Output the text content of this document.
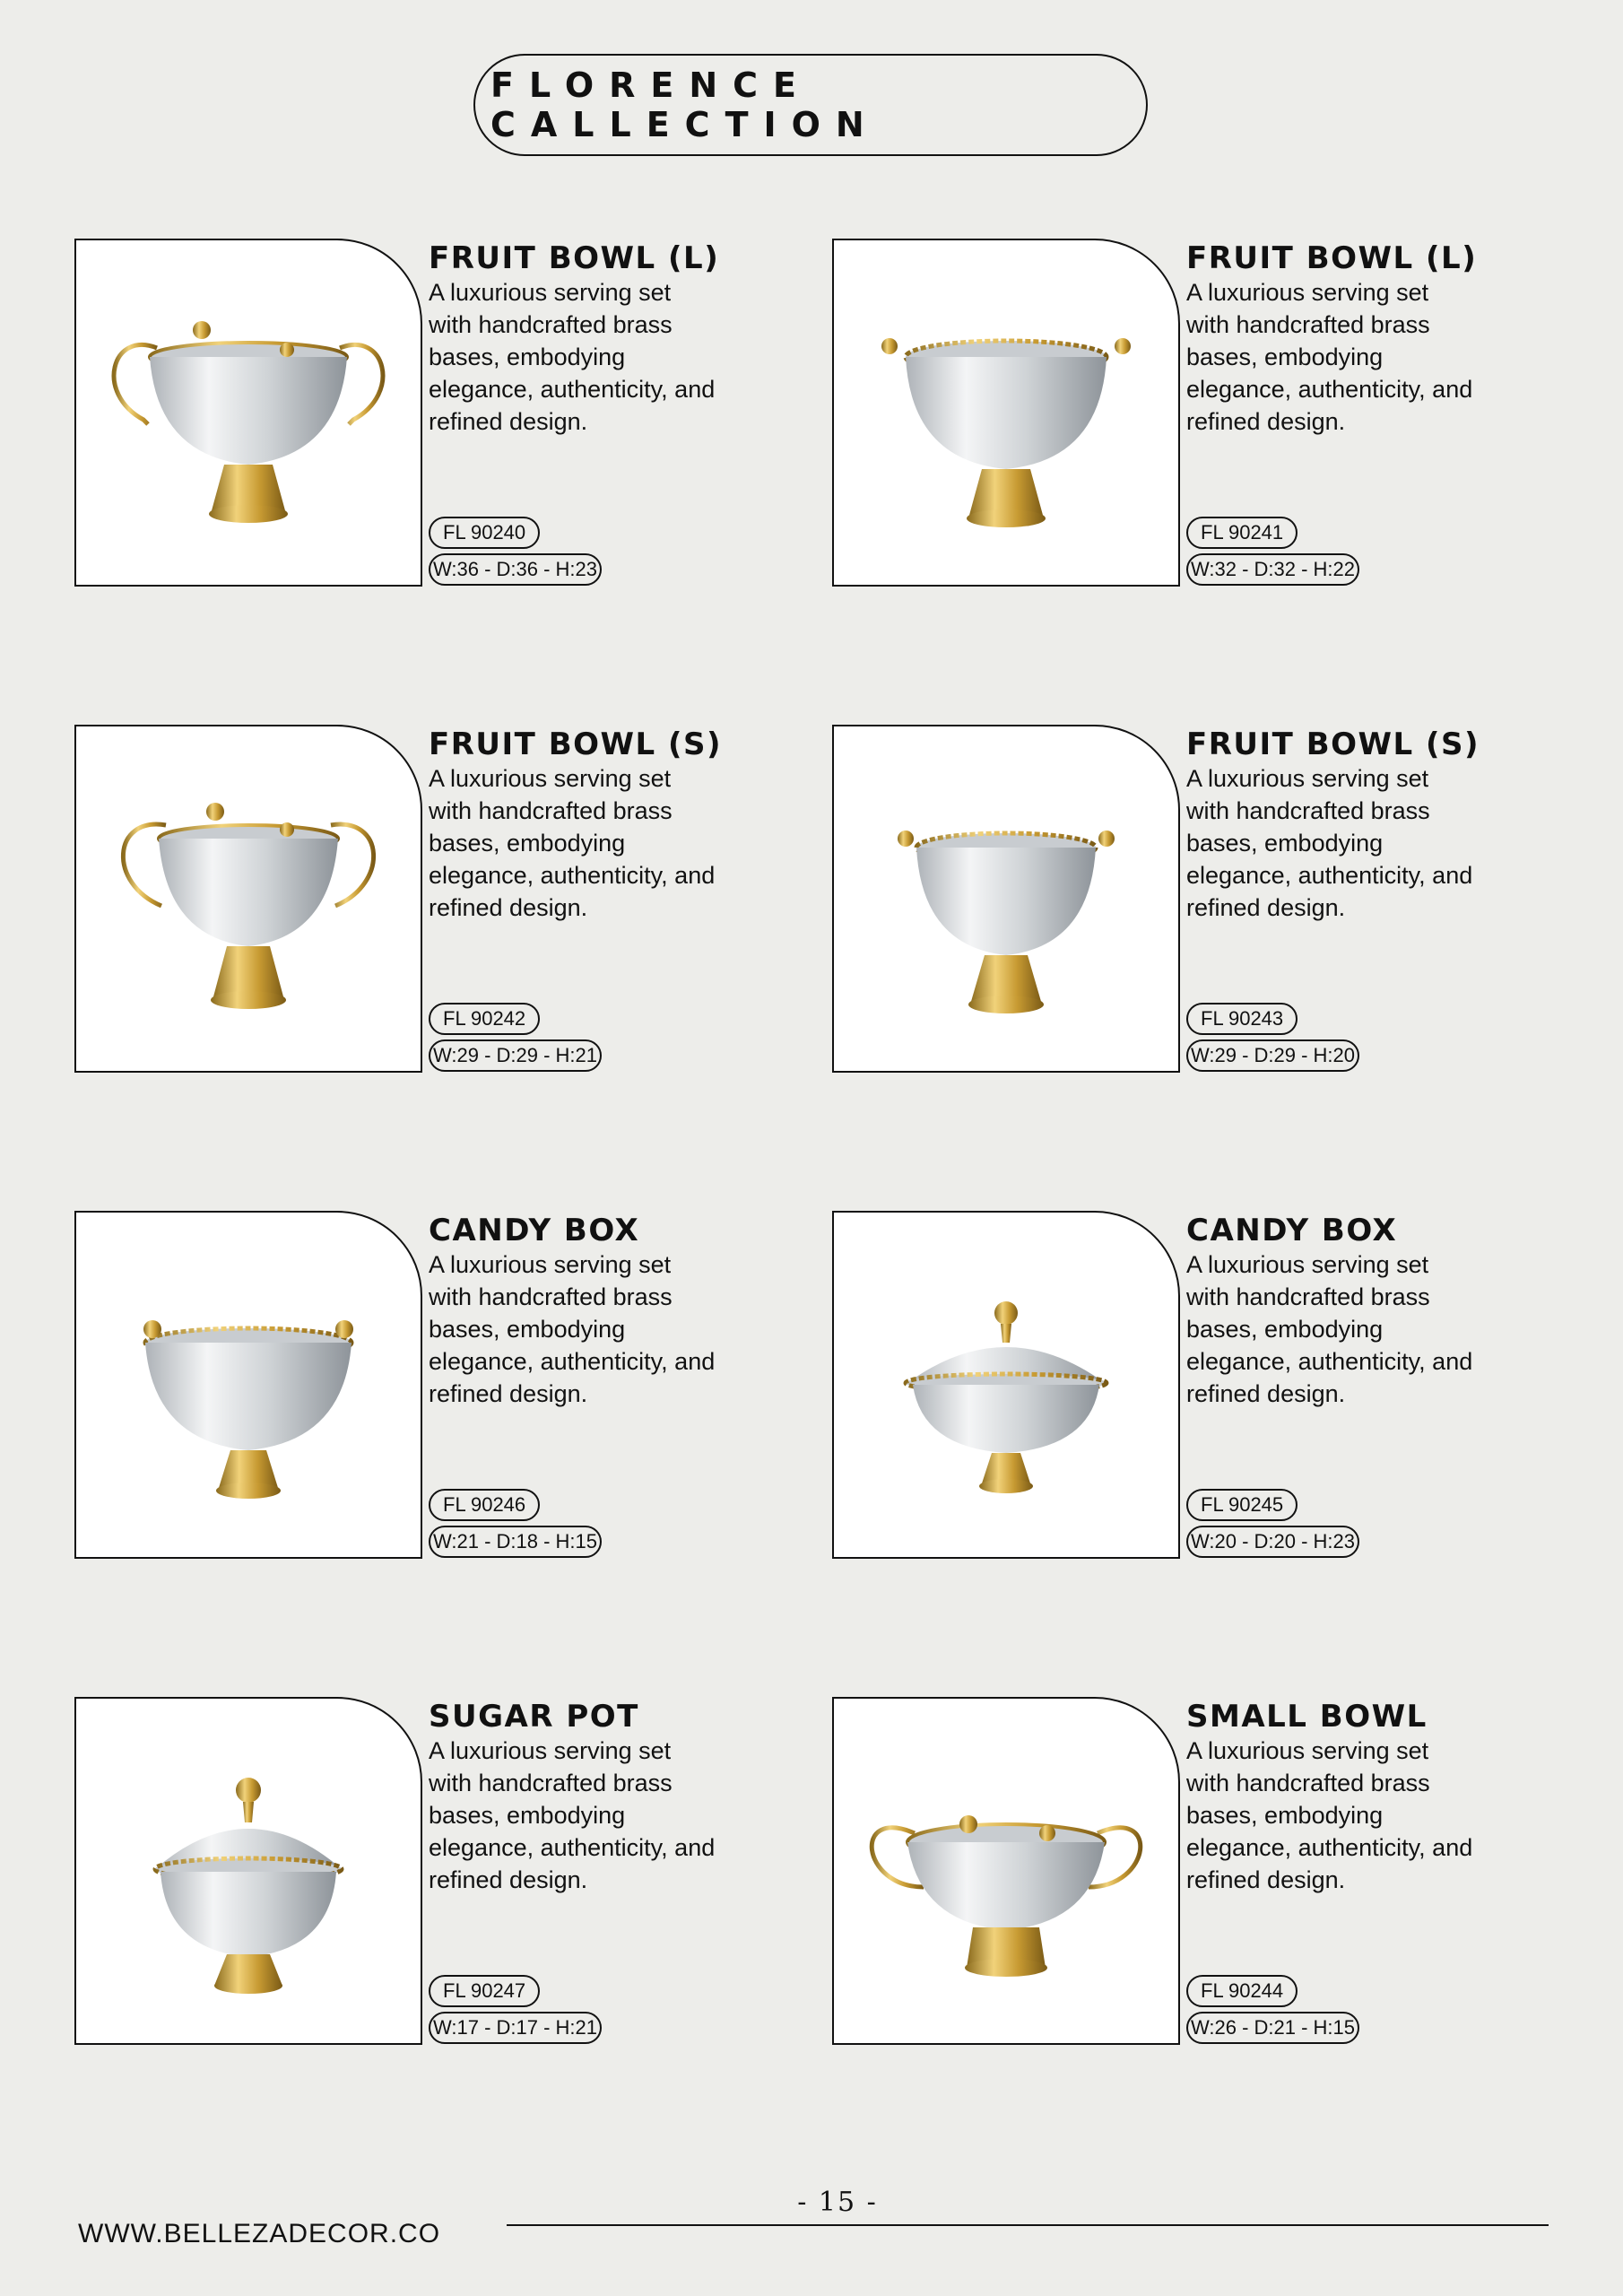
FLORENCE CALLECTION
FRUIT BOWL (L)
A luxurious serving set with handcrafted brass bases, embodying elegance, authenticity, and refined design.
FL 90240
W:36 - D:36 - H:23
FRUIT BOWL (L)
A luxurious serving set with handcrafted brass bases, embodying elegance, authenticity, and refined design.
FL 90241
W:32 - D:32 - H:22
FRUIT BOWL (S)
A luxurious serving set with handcrafted brass bases, embodying elegance, authenticity, and refined design.
FL 90242
W:29 - D:29 - H:21
FRUIT BOWL (S)
A luxurious serving set with handcrafted brass bases, embodying elegance, authenticity, and refined design.
FL 90243
W:29 - D:29 - H:20
CANDY BOX
A luxurious serving set with handcrafted brass bases, embodying elegance, authenticity, and refined design.
FL 90246
W:21 - D:18 - H:15
CANDY BOX
A luxurious serving set with handcrafted brass bases, embodying elegance, authenticity, and refined design.
FL 90245
W:20 - D:20 - H:23
SUGAR POT
A luxurious serving set with handcrafted brass bases, embodying elegance, authenticity, and refined design.
FL 90247
W:17 - D:17 - H:21
SMALL BOWL
A luxurious serving set with handcrafted brass bases, embodying elegance, authenticity, and refined design.
FL 90244
W:26 - D:21 - H:15
- 15 -
WWW.BELLEZADECOR.CO
